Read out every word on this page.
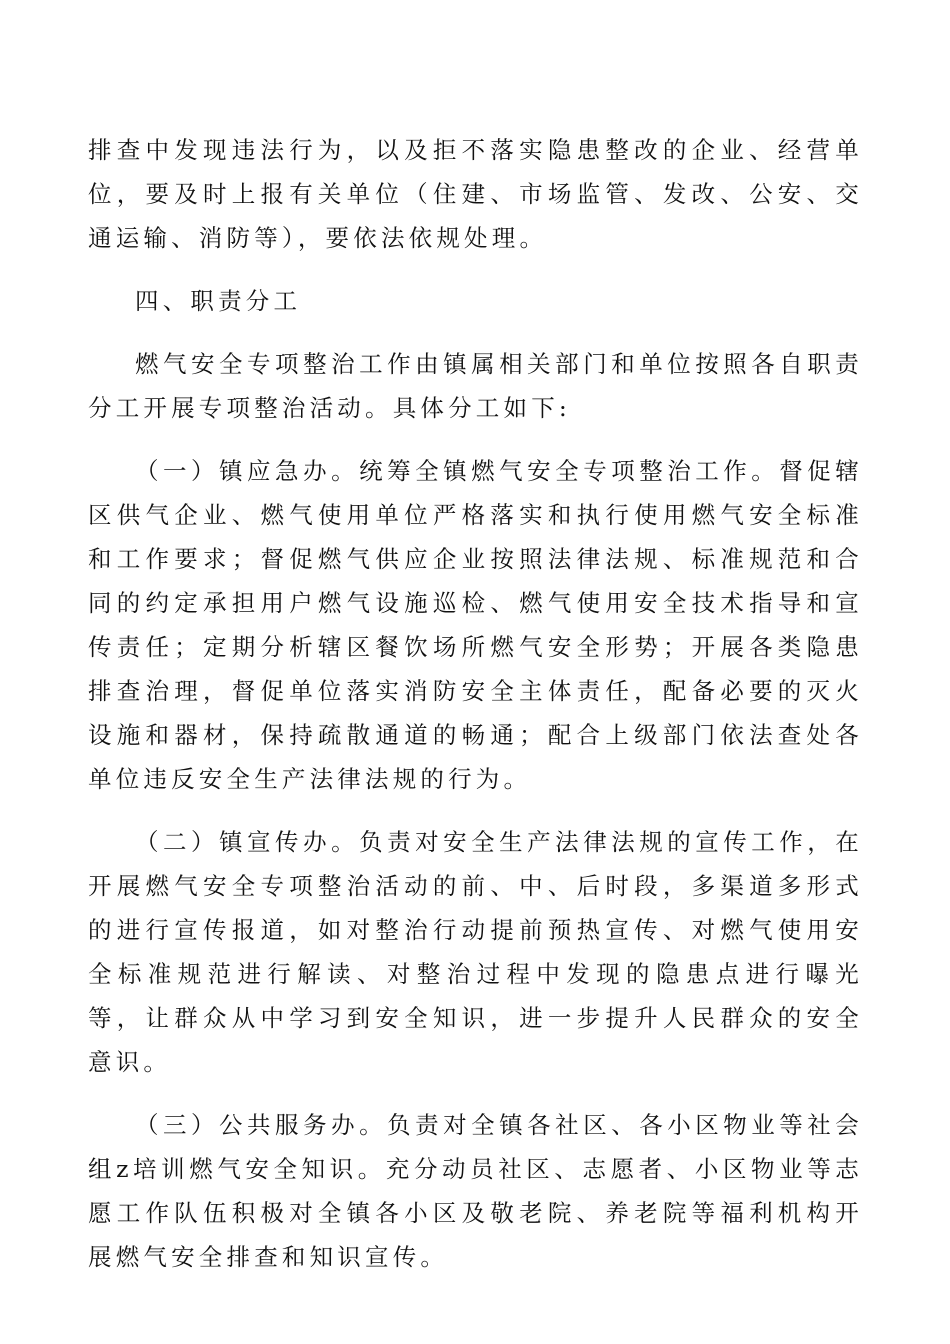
排查中发现违法行为，以及拒不落实隐患整改的企业、经营单位，要及时上报有关单位（住建、市场监管、发改、公安、交通运输、消防等），要依法依规处理。

四、职责分工

燃气安全专项整治工作由镇属相关部门和单位按照各自职责分工开展专项整治活动。具体分工如下:

（一）镇应急办。统筹全镇燃气安全专项整治工作。督促辖区供气企业、燃气使用单位严格落实和执行使用燃气安全标准和工作要求；督促燃气供应企业按照法律法规、标准规范和合同的约定承担用户燃气设施巡检、燃气使用安全技术指导和宣传责任；定期分析辖区餐饮场所燃气安全形势；开展各类隐患排查治理，督促单位落实消防安全主体责任，配备必要的灭火设施和器材，保持疏散通道的畅通；配合上级部门依法查处各单位违反安全生产法律法规的行为。

（二）镇宣传办。负责对安全生产法律法规的宣传工作，在开展燃气安全专项整治活动的前、中、后时段，多渠道多形式的进行宣传报道，如对整治行动提前预热宣传、对燃气使用安全标准规范进行解读、对整治过程中发现的隐患点进行曝光等，让群众从中学习到安全知识，进一步提升人民群众的安全意识。

（三）公共服务办。负责对全镇各社区、各小区物业等社会组z培训燃气安全知识。充分动员社区、志愿者、小区物业等志愿工作队伍积极对全镇各小区及敬老院、养老院等福利机构开展燃气安全排查和知识宣传。
